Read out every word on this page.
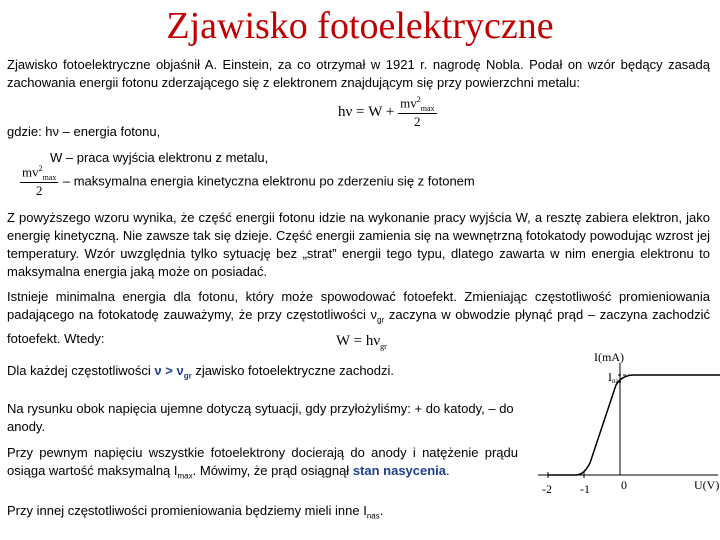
Zjawisko fotoelektryczne
Zjawisko fotoelektryczne objaśnił A. Einstein, za co otrzymał w 1921 r. nagrodę Nobla. Podał on wzór będący zasadą zachowania energii fotonu zderzającego się z elektronem znajdującym się przy powierzchni metalu:
$h\nu = W + \frac{mv^2_{max}}{2}$
gdzie: hν – energia fotonu,
W – praca wyjścia elektronu z metalu,
$\frac{mv^2_{max}}{2}$ – maksymalna energia kinetyczna elektronu po zderzeniu się z fotonem
Z powyższego wzoru wynika, że część energii fotonu idzie na wykonanie pracy wyjścia W, a resztę zabiera elektron, jako energię kinetyczną. Nie zawsze tak się dzieje. Część energii zamienia się na wewnętrzną fotokatody powodując wzrost jej temperatury. Wzór uwzględnia tylko sytuację bez „strat” energii tego typu, dlatego zawarta w nim energia elektronu to maksymalna energia jaką może on posiadać.
Istnieje minimalna energia dla fotonu, który może spowodować fotoefekt. Zmieniając częstotliwość promieniowania padającego na fotokatodę zauważymy, że przy częstotliwości $\nu_{gr}$ zaczyna w obwodzie płynąć prąd – zaczyna zachodzić fotoefekt. Wtedy:	$W = h\nu_{gr}$
Dla każdej częstotliwości $\nu > \nu_{gr}$ zjawisko fotoelektryczne zachodzi.
Na rysunku obok napięcia ujemne dotyczą sytuacji, gdy przyłożyliśmy: + do katody, – do anody.
Przy pewnym napięciu wszystkie fotoelektrony docierają do anody i natężenie prądu osiąga wartość maksymalną $I_{max}$. Mówimy, że prąd osiągnął stan nasycenia.
Przy innej częstotliwości promieniowania będziemy mieli inne $I_{nas}$.
I(mA)
Inas
-2 -1	0	U(V)
